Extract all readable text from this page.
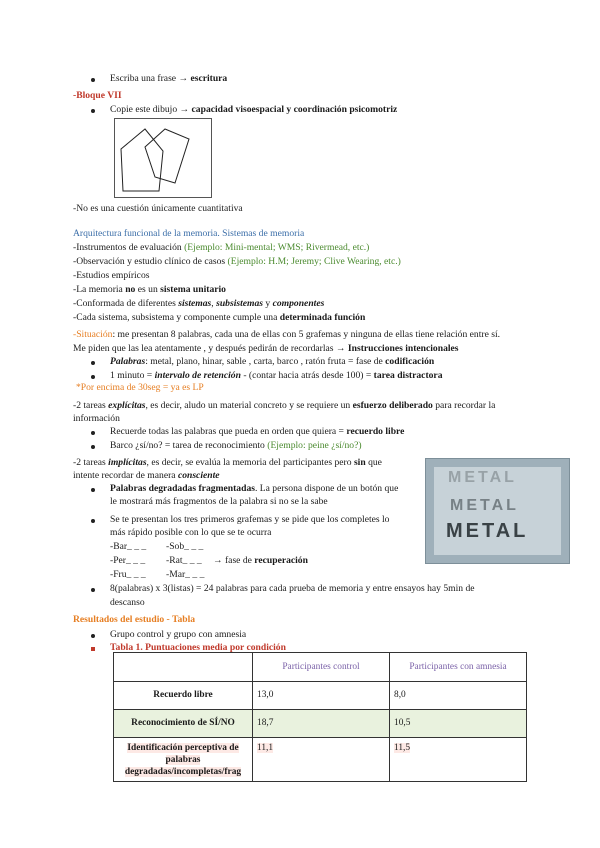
Escriba una frase → escritura
-Bloque VII
Copie este dibujo → capacidad visoespacial y coordinación psicomotriz
-No es una cuestión únicamente cuantitativa
Arquitectura funcional de la memoria. Sistemas de memoria
-Instrumentos de evaluación (Ejemplo: Mini-mental; WMS; Rivermead, etc.)
-Observación y estudio clínico de casos (Ejemplo: H.M; Jeremy; Clive Wearing, etc.)
-Estudios empíricos
-La memoria no es un sistema unitario
-Conformada de diferentes sistemas, subsistemas y componentes
-Cada sistema, subsistema y componente cumple una determinada función
-Situación: me presentan 8 palabras, cada una de ellas con 5 grafemas y ninguna de ellas tiene relación entre sí.
Me piden que las lea atentamente , y después pedirán de recordarlas → Instrucciones intencionales
Palabras: metal, plano, hinar, sable , carta, barco , ratón fruta = fase de codificación
1 minuto = intervalo de retención - (contar hacia atrás desde 100) = tarea distractora
*Por encima de 30seg = ya es LP
-2 tareas explícitas, es decir, aludo un material concreto y se requiere un esfuerzo deliberado para recordar la
información
Recuerde todas las palabras que pueda en orden que quiera = recuerdo libre
Barco ¿sí/no? = tarea de reconocimiento (Ejemplo: peine ¿sí/no?)
-2 tareas implícitas, es decir, se evalúa la memoria del participantes pero sin que
intente recordar de manera consciente
Palabras degradadas fragmentadas. La persona dispone de un botón que
le mostrará más fragmentos de la palabra si no se la sabe
Se te presentan los tres primeros grafemas y se pide que los completes lo
más rápido posible con lo que se te ocurra
-Bar_ _ _ -Sob_ _ _
-Per_ _ _ -Rat_ _ _ → fase de recuperación
-Fru_ _ _ -Mar_ _ _
8(palabras) x 3(listas) = 24 palabras para cada prueba de memoria y entre ensayos hay 5min de
descanso
METAL
METAL
METAL
Resultados del estudio - Tabla
Grupo control y grupo con amnesia
Tabla 1. Puntuaciones media por condición
	Participantes control	Participantes con amnesia
Recuerdo libre	13,0	8,0
Reconocimiento de SÍ/NO	18,7	10,5
Identificación perceptiva de palabras degradadas/incompletas/frag	11,1	11,5
